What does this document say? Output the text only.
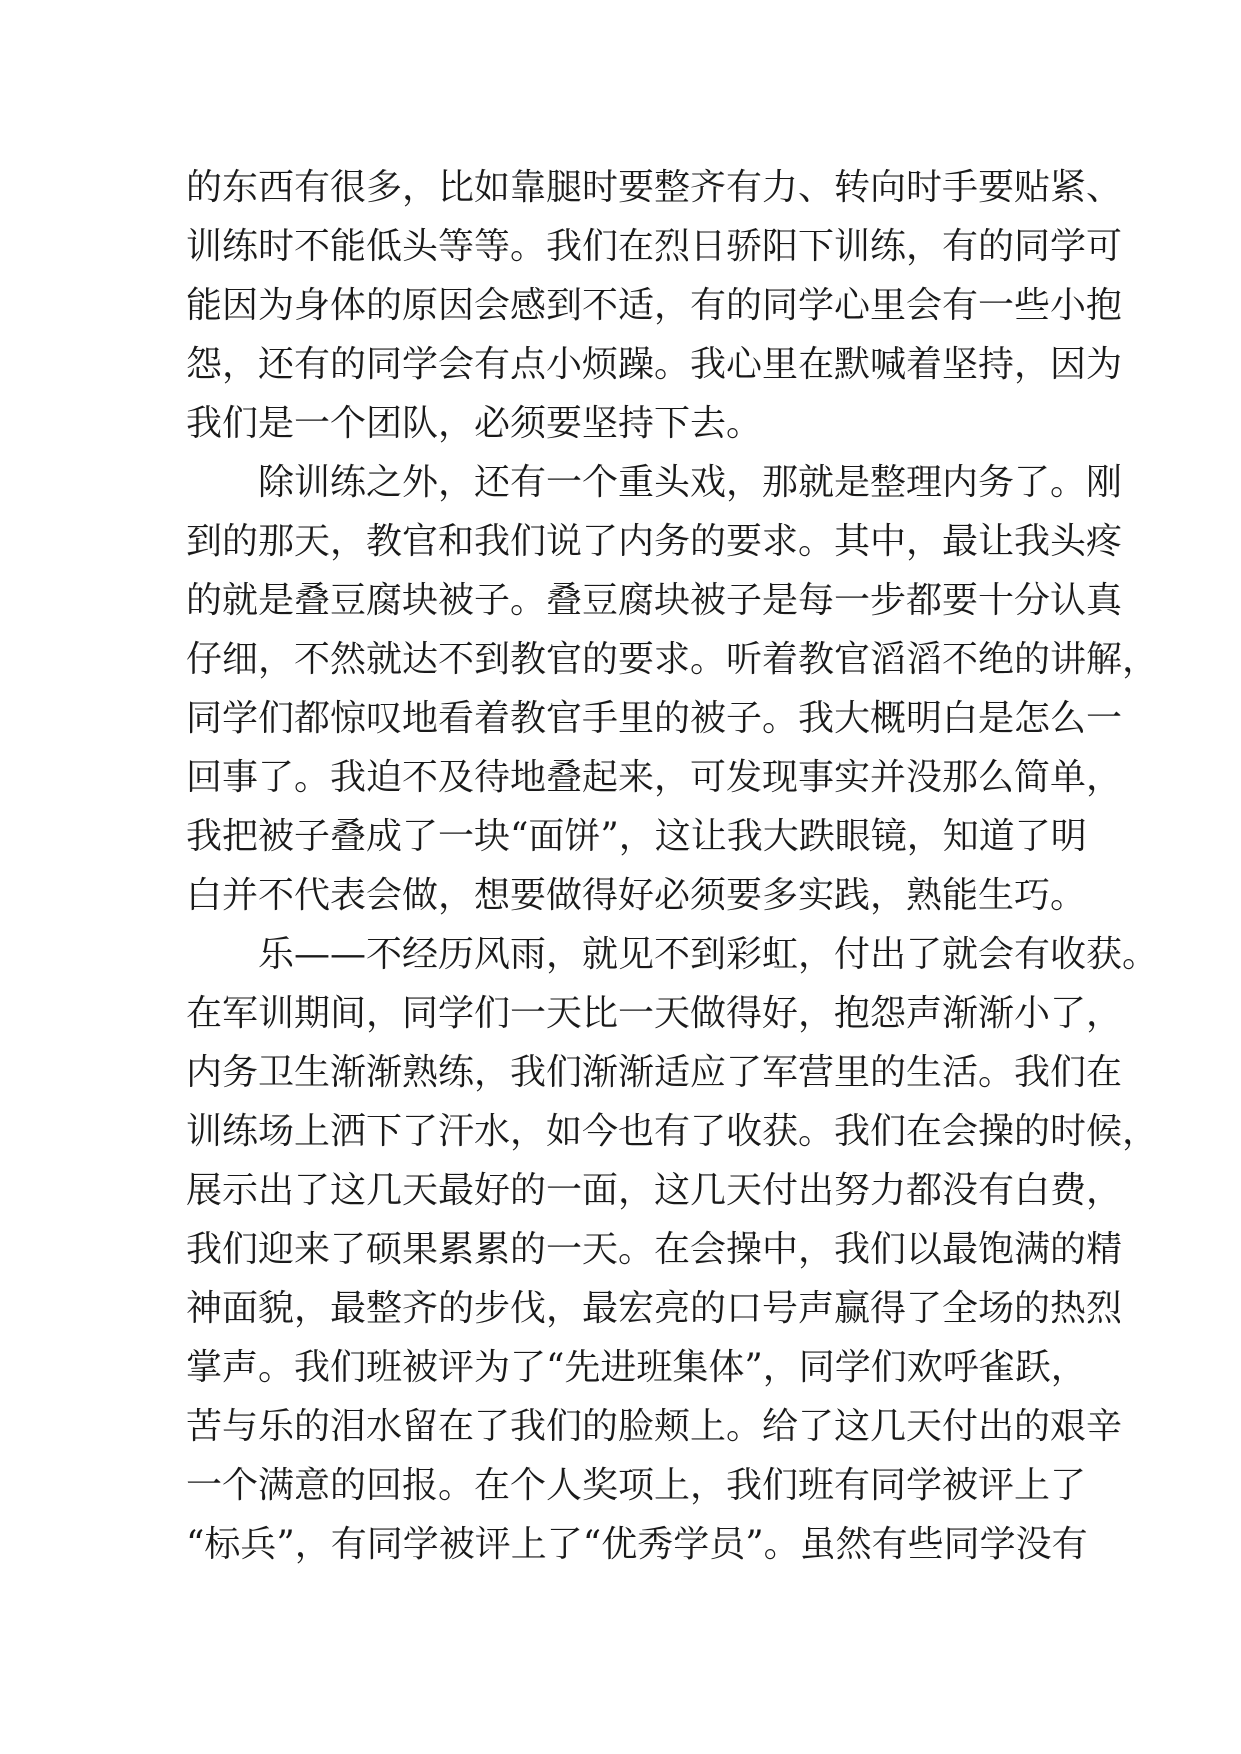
的东西有很多，比如靠腿时要整齐有力、转向时手要贴紧、
训练时不能低头等等。我们在烈日骄阳下训练，有的同学可
能因为身体的原因会感到不适，有的同学心里会有一些小抱
怨，还有的同学会有点小烦躁。我心里在默喊着坚持，因为
我们是一个团队，必须要坚持下去。
除训练之外，还有一个重头戏，那就是整理内务了。刚
到的那天，教官和我们说了内务的要求。其中，最让我头疼
的就是叠豆腐块被子。叠豆腐块被子是每一步都要十分认真
仔细，不然就达不到教官的要求。听着教官滔滔不绝的讲解，
同学们都惊叹地看着教官手里的被子。我大概明白是怎么一
回事了。我迫不及待地叠起来，可发现事实并没那么简单，
我把被子叠成了一块“面饼”，这让我大跌眼镜，知道了明
白并不代表会做，想要做得好必须要多实践，熟能生巧。
乐——不经历风雨，就见不到彩虹，付出了就会有收获。
在军训期间，同学们一天比一天做得好，抱怨声渐渐小了，
内务卫生渐渐熟练，我们渐渐适应了军营里的生活。我们在
训练场上洒下了汗水，如今也有了收获。我们在会操的时候，
展示出了这几天最好的一面，这几天付出努力都没有白费，
我们迎来了硕果累累的一天。在会操中，我们以最饱满的精
神面貌，最整齐的步伐，最宏亮的口号声赢得了全场的热烈
掌声。我们班被评为了“先进班集体”，同学们欢呼雀跃，
苦与乐的泪水留在了我们的脸颊上。给了这几天付出的艰辛
一个满意的回报。在个人奖项上，我们班有同学被评上了
“标兵”，有同学被评上了“优秀学员”。虽然有些同学没有
